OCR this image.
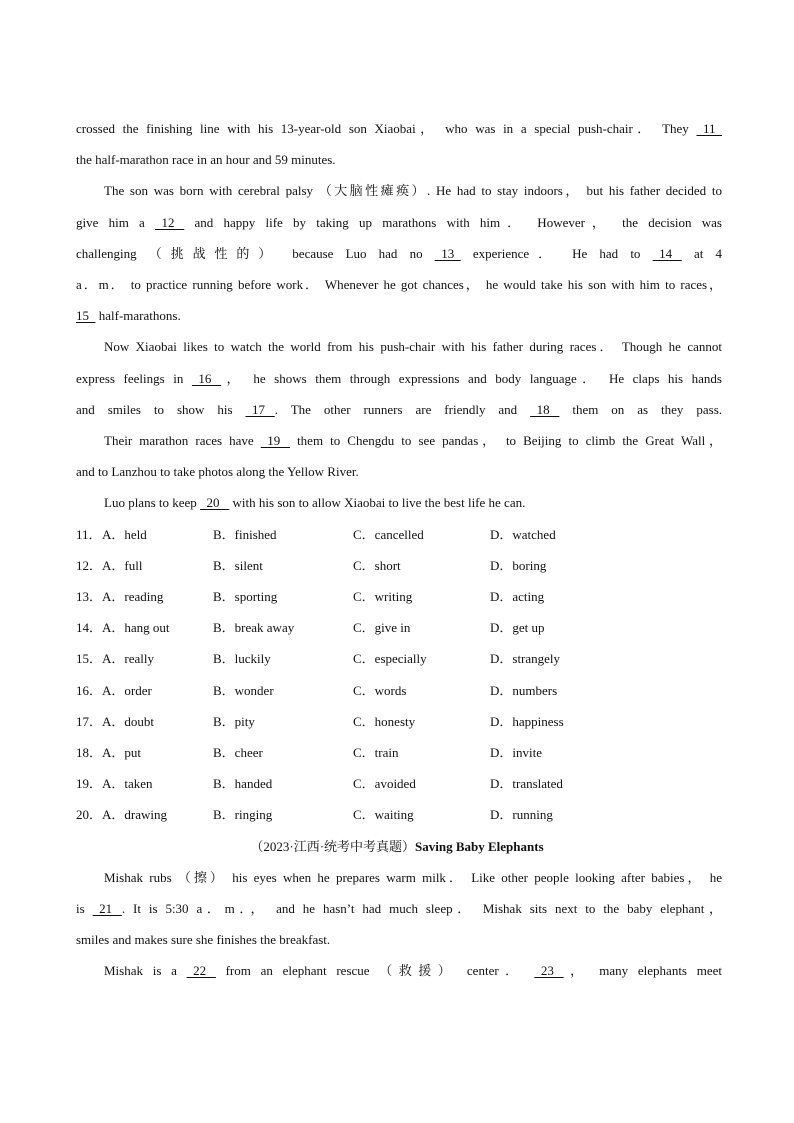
crossed the finishing line with his 13-year-old son Xiaobai， who was in a special push-chair． They   11
the half-marathon race in an hour and 59 minutes.
The son was born with cerebral palsy （大脑性瘫痪）. He had to stay indoors， but his father decided to
give him a   12    and happy life by taking up marathons with him． However， the decision was
challenging （挑战性的） because Luo had no   13   experience． He had to   14    at 4
a．m． to practice running before work． Whenever he got chances， he would take his son with him to races，
15   half-marathons.
Now Xiaobai likes to watch the world from his push-chair with his father during races． Though he cannot
express feelings in   16   ， he shows them through expressions and body language． He claps his hands
and smiles to show his   17   . The other runners are friendly and   18    them on as they pass.
Their marathon races have   19    them to Chengdu to see pandas， to Beijing to climb the Great Wall，
and to Lanzhou to take photos along the Yellow River.
Luo plans to keep   20    with his son to allow Xiaobai to live the best life he can.
11． A．held	B．finished	C．cancelled	D．watched
12． A．full	B．silent	C．short	D．boring
13． A．reading	B．sporting	C．writing	D．acting
14． A．hang out	B．break away	C．give in	D．get up
15． A．really	B．luckily	C．especially	D．strangely
16． A．order	B．wonder	C．words	D．numbers
17． A．doubt	B．pity	C．honesty	D．happiness
18． A．put	B．cheer	C．train	D．invite
19． A．taken	B．handed	C．avoided	D．translated
20． A．drawing	B．ringing	C．waiting	D．running
（2023·江西·统考中考真题）Saving Baby Elephants
Mishak rubs （擦） his eyes when he prepares warm milk． Like other people looking after babies， he
is   21   . It is 5:30 a．m．， and he hasn’t had much sleep． Mishak sits next to the baby elephant，
smiles and makes sure she finishes the breakfast.
Mishak is a   22    from an elephant rescue （救援） center．   23   ， many elephants meet
